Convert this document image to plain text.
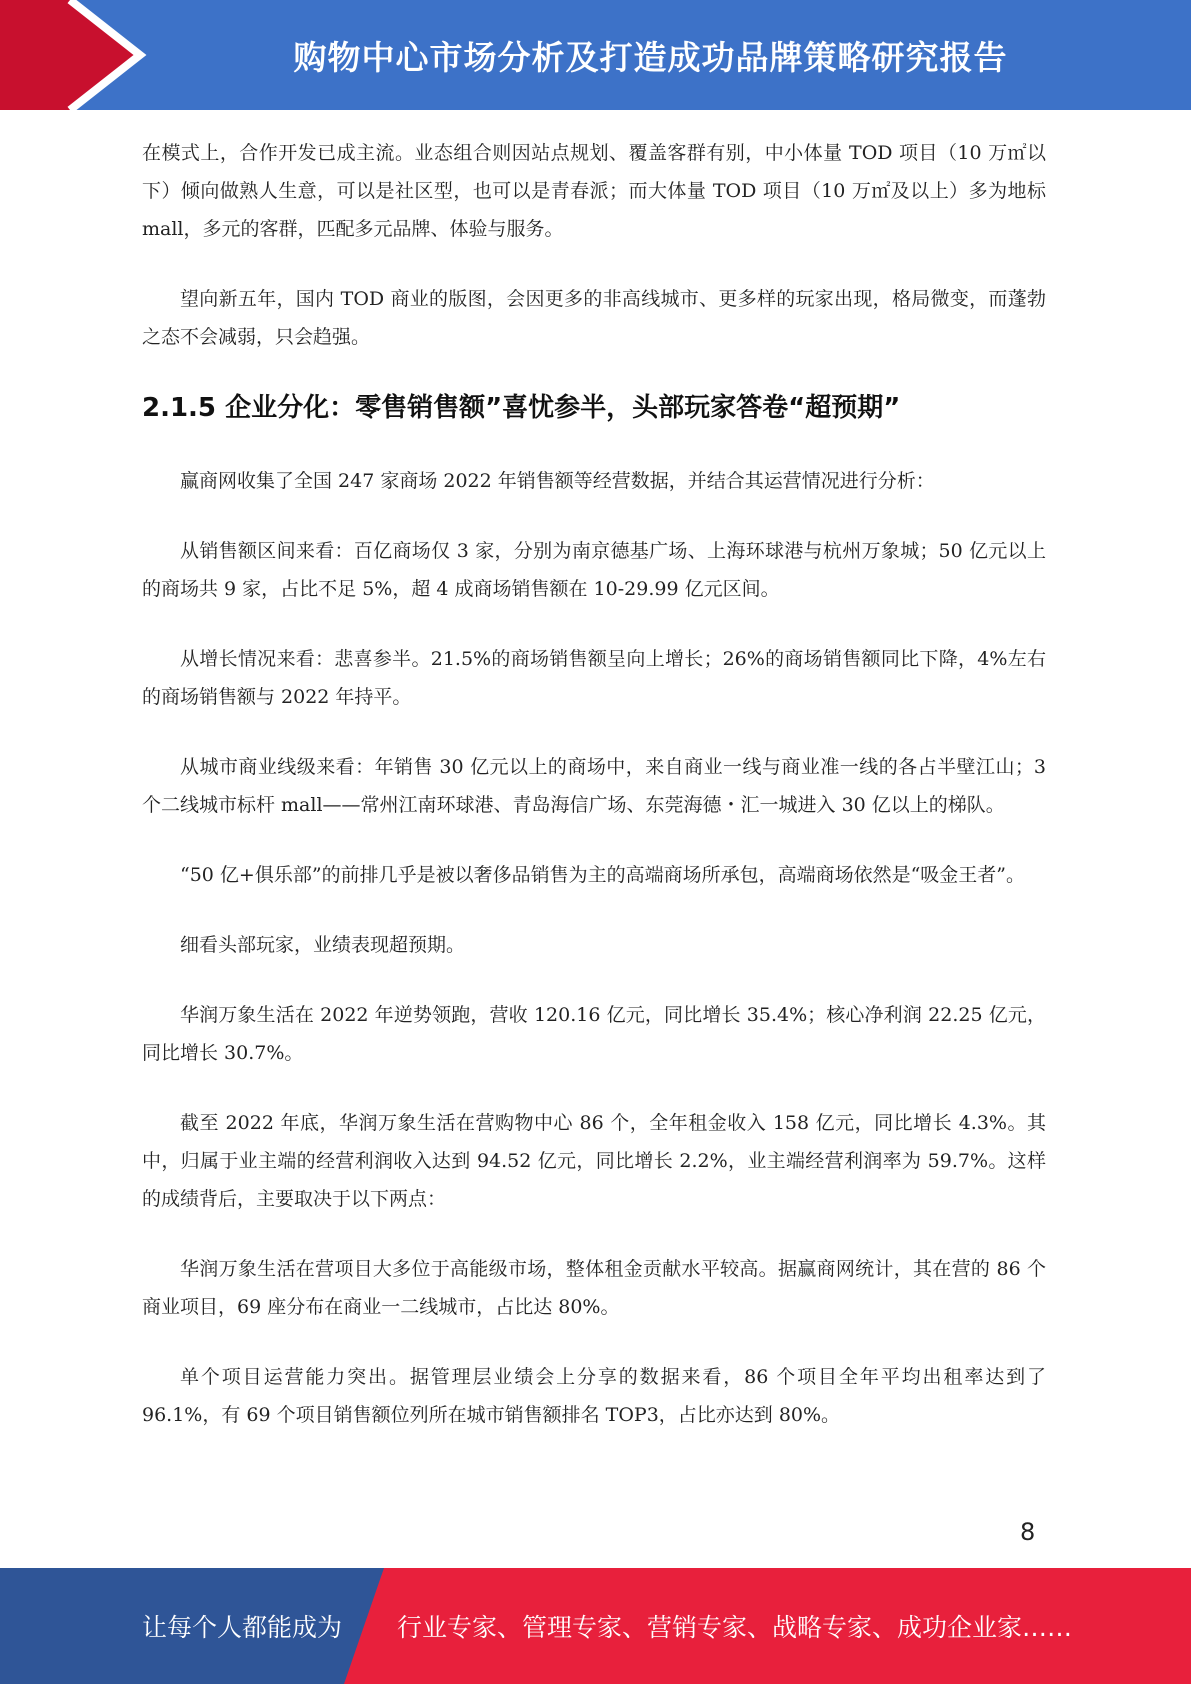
购物中心市场分析及打造成功品牌策略研究报告

在模式上，合作开发已成主流。业态组合则因站点规划、覆盖客群有别，中小体量 TOD 项目（10 万㎡以下）倾向做熟人生意，可以是社区型，也可以是青春派；而大体量 TOD 项目（10 万㎡及以上）多为地标 mall，多元的客群，匹配多元品牌、体验与服务。

望向新五年，国内 TOD 商业的版图，会因更多的非高线城市、更多样的玩家出现，格局微变，而蓬勃之态不会减弱，只会趋强。

2.1.5 企业分化：零售销售额”喜忧参半，头部玩家答卷“超预期”

赢商网收集了全国 247 家商场 2022 年销售额等经营数据，并结合其运营情况进行分析：

从销售额区间来看：百亿商场仅 3 家，分别为南京德基广场、上海环球港与杭州万象城；50 亿元以上的商场共 9 家，占比不足 5%，超 4 成商场销售额在 10-29.99 亿元区间。

从增长情况来看：悲喜参半。21.5%的商场销售额呈向上增长；26%的商场销售额同比下降，4%左右的商场销售额与 2022 年持平。

从城市商业线级来看：年销售 30 亿元以上的商场中，来自商业一线与商业准一线的各占半壁江山；3 个二线城市标杆 mall——常州江南环球港、青岛海信广场、东莞海德・汇一城进入 30 亿以上的梯队。

“50 亿+俱乐部”的前排几乎是被以奢侈品销售为主的高端商场所承包，高端商场依然是“吸金王者”。

细看头部玩家，业绩表现超预期。

华润万象生活在 2022 年逆势领跑，营收 120.16 亿元，同比增长 35.4%；核心净利润 22.25 亿元，同比增长 30.7%。

截至 2022 年底，华润万象生活在营购物中心 86 个，全年租金收入 158 亿元，同比增长 4.3%。其中，归属于业主端的经营利润收入达到 94.52 亿元，同比增长 2.2%，业主端经营利润率为 59.7%。这样的成绩背后，主要取决于以下两点：

华润万象生活在营项目大多位于高能级市场，整体租金贡献水平较高。据赢商网统计，其在营的 86 个商业项目，69 座分布在商业一二线城市，占比达 80%。

单个项目运营能力突出。据管理层业绩会上分享的数据来看，86 个项目全年平均出租率达到了 96.1%，有 69 个项目销售额位列所在城市销售额排名 TOP3，占比亦达到 80%。

8
让每个人都能成为 行业专家、管理专家、营销专家、战略专家、成功企业家……
